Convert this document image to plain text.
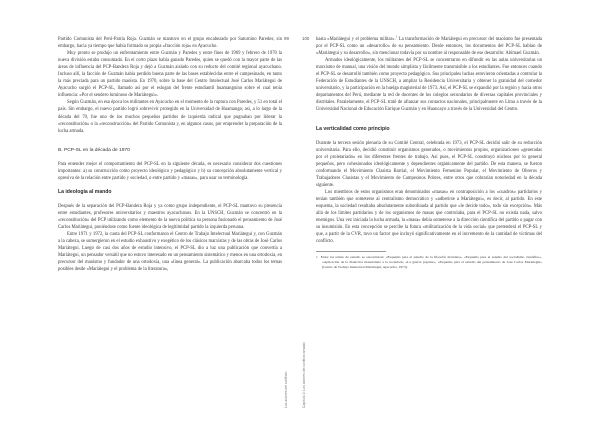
Partido Comunista del Perú-Patria Roja. Guzmán se mantuvo en el grupo encabezado por Saturnino Paredes; sin embargo, hacia ya tiempo que había formado su propia «fracción roja» en Ayacucho.

Muy pronto se produjo un enfrentamiento entre Guzmán y Paredes y entre fines de 1969 y febrero de 1970 la nueva división estaba consumada. En el corto plazo había ganado Paredes, quien se quedó con la mayor parte de las áreas de influencia del PCP-Bandera Roja y dejó a Guzmán aislado con su reducto del comité regional ayacuchano. Incluso allí, la facción de Guzmán había perdido buena parte de las bases establecidas entre el campesinado, en tanto la más preciada para un partido maoísta. En 1970, sobre la base del Centro Intelectual José Carlos Mariátegui de Ayacucho surgió el PCP-SL, llamado así por el eslogan del frente estudiantil huamanguino sobre el cual tenía influencia: «Por el sendero luminoso de Mariátegui».

Según Guzmán, en esa época los militantes en Ayacucho en el momento de la ruptura con Paredes, y 51 en total el país. Sin embargo, el nuevo partido logró sobrevivir protegido en la Universidad de Huamanga; así, a lo largo de la década del 70, fue uno de los muchos pequeños partidos de izquierda radical que pugnaban por liderar la «reconstitución» o la «reconstrucción» del Partido Comunista y, en algunos casos, por emprender la preparación de la lucha armada.

B. PCP-SL en la década de 1970

Para entender mejor el comportamiento del PCP-SL en la siguiente década, es necesario considerar dos cuestiones importantes: a) su construcción como proyecto ideológico y pedagógico y b) su concepción absolutamente vertical y opresiva de la relación entre partido y sociedad, o entre partido y «masas», para usar su terminología.

La ideología al mando

Después de la separación del PCP-Bandera Roja y ya como grupo independiente, el PCP-SL mantuvo su presencia entre estudiantes, profesores universitarios y maestros ayacuchanos. En la UNSCH, Guzmán se concentró en la «reconstitución» del PCP utilizando como elemento de la nueva política su persona fusionado el pensamiento de José Carlos Mariátegui, poniéndose como fuente ideológica de legitimidad partido la izquierda peruana.

Entre 1971 y 1972, la cuota del PCP-SL conformaron el Centro de Trabajo Intelectual Mariátegui y, con Guzmán a la cabeza, se sumergieron en el estudio exhaustivo y exegético de los clásicos marxistas y de las obras de José Carlos Mariátegui. Luego de casi dos años de estudio intensivo, el PCP-SL dio a luz una publicación que convertía a Mariátegui, un pensador versátil que no estuvo interesado en un pensamiento sistemático y menos en una ortodoxia, en precursor del maoísmo y fundador de una ortodoxia, una «línea general». La publicación abarcaba todos los temas posibles desde «Mariátegui y el problema de la literatura»,

99
Los actores del conflicto
100
Capítulo 2: Los actores del conflicto armado

hasta «Mariátegui y el problema militar».$^1$ La transformación de Mariátegui en precursor del maoísmo fue presentada por el PCP-SL como un «desarrollo» de su pensamiento. Desde entonces, los documentos del PCP-SL hablan de «Mariátegui y su desarrollo», sin mencionar todavía por su nombre al responsable de ese desarrollo: Abimael Guzmán.

Armados ideológicamente, los militantes del PCP-SL se concentraron en difundir en las aulas universitarias un marxismo de manual, una visión del mundo simplista y fácilmente transmisible a los estudiantes. Fue entonces cuando el PCP-SL se desarrolló también como proyecto pedagógico. Sus principales luchas estuvieron orientadas a controlar la Federación de Estudiantes de la UNSCH, a ampliar la Residencia Universitaria y obtener la gratuidad del comedor universitario, y la participación en la huelga magisterial de 1973. Así, el PCP-SL se expandió por la región y hacia otros departamentos del Perú, mediante la red de docentes de los colegios secundarios de diversas capitales provinciales y distritales. Paralelamente, el PCP-SL trató de afianzar sus contactos nacionales, principalmente en Lima a través de la Universidad Nacional de Educación Enrique Guzmán y en Huancayo a través de la Universidad del Centro.

La verticalidad como principio

Durante la tercera sesión plenaria de su Comité Central, celebrada en 1973, el PCP-SL decidió salir de su reducción universitaria. Para ello, decidió constituir organismos generados, o movimientos propios, organizaciones «generadas por el proletariado» en los diferentes frentes de trabajo. Así pues, el PCP-SL constituyó núcleos por lo general pequeños, pero cohesionados ideológicamente y dependientes orgánicamente del partido. De esta manera, se fueron conformando el Movimiento Clasista Barrial, el Movimiento Femenino Popular, el Movimiento de Obreros y Trabajadores Clasistas y el Movimiento de Campesinos Pobres, entre otros que cobrarían notoriedad en la década siguiente.

Los miembros de estos organismos eran denominados «masas» en contraposición a los «cuadros» partidarios y tenían también que someterse al centralismo democrático y «adherirse a Mariátegui», es decir, al partido. En este esquema, la sociedad resultaba absolutamente subordinada al partido que «le decide todo», todo sin excepción». Más allá de los límites partidarios y de los organismos de masas que controlaba, para el PCP-SL no existía nada, salvo enemigos. Una vez iniciada la lucha armada, la «masa» debía someterse a la dirección científica del partido o pagar con su insumisión. En esta concepción se percibe la futura «militarización de la vida social» que pretenderá el PCP-SL y que, a partir de la CVR, tuvo un factor que incluyó significativamente en el incremento de la cantidad de víctimas del conflicto.

1 Entre los temas de estudio se encontraron: «Esquema para el estudio de la filosofía marxista», «Esquema para el estudio del socialismo científico», «Aplicación de la dialéctica materialista a la sociedad», «La guerra popular», «Esquema para el estudio del pensamiento de José Carlos Mariátegui» (Centro de Trabajo Intelectual Mariátegui, Ayacucho, 1973).
